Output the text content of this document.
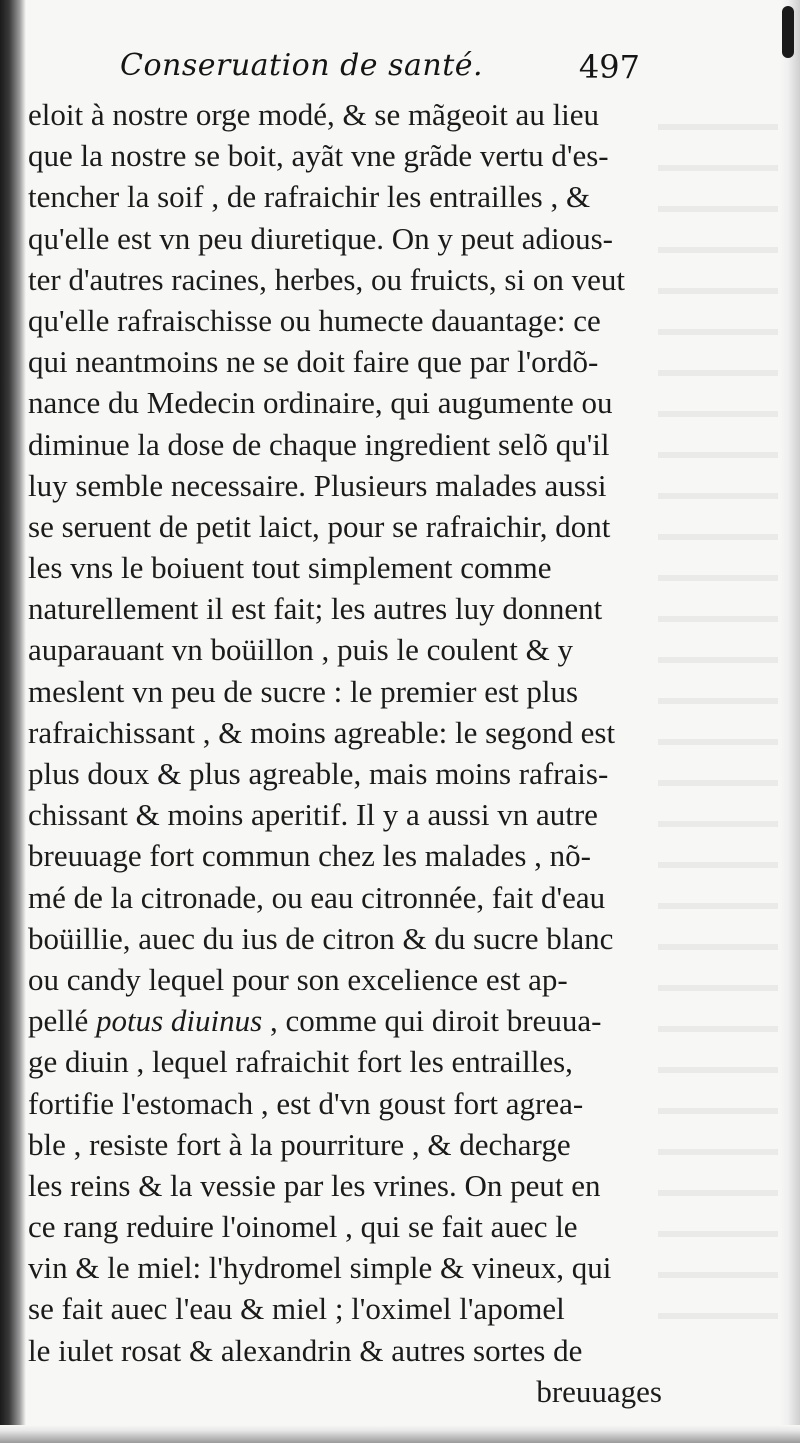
Conseruation de santé.	497
eloit à nostre orge modé, & se mãgeoit au lieu
que la nostre se boit, ayãt vne grãde vertu d'es-
tencher la soif , de rafraichir les entrailles , &
qu'elle est vn peu diuretique. On y peut adious-
ter d'autres racines, herbes, ou fruicts, si on veut
qu'elle rafraischisse ou humecte dauantage: ce
qui neantmoins ne se doit faire que par l'ordõ-
nance du Medecin ordinaire, qui augumente ou
diminue la dose de chaque ingredient selõ qu'il
luy semble necessaire. Plusieurs malades aussi
se seruent de petit laict, pour se rafraichir, dont
les vns le boiuent tout simplement comme
naturellement il est fait; les autres luy donnent
auparauant vn boüillon , puis le coulent & y
meslent vn peu de sucre : le premier est plus
rafraichissant , & moins agreable: le segond est
plus doux & plus agreable, mais moins rafrais-
chissant & moins aperitif. Il y a aussi vn autre
breuuage fort commun chez les malades , nõ-
mé de la citronade, ou eau citronnée, fait d'eau
boüillie, auec du ius de citron & du sucre blanc
ou candy lequel pour son excelience est ap-
pellé potus diuinus , comme qui diroit breuua-
ge diuin , lequel rafraichit fort les entrailles,
fortifie l'estomach , est d'vn goust fort agrea-
ble , resiste fort à la pourriture , & decharge
les reins & la vessie par les vrines. On peut en
ce rang reduire l'oinomel , qui se fait auec le
vin & le miel: l'hydromel simple & vineux, qui
se fait auec l'eau & miel ; l'oximel l'apomel
le iulet rosat & alexandrin & autres sortes de
breuuages
